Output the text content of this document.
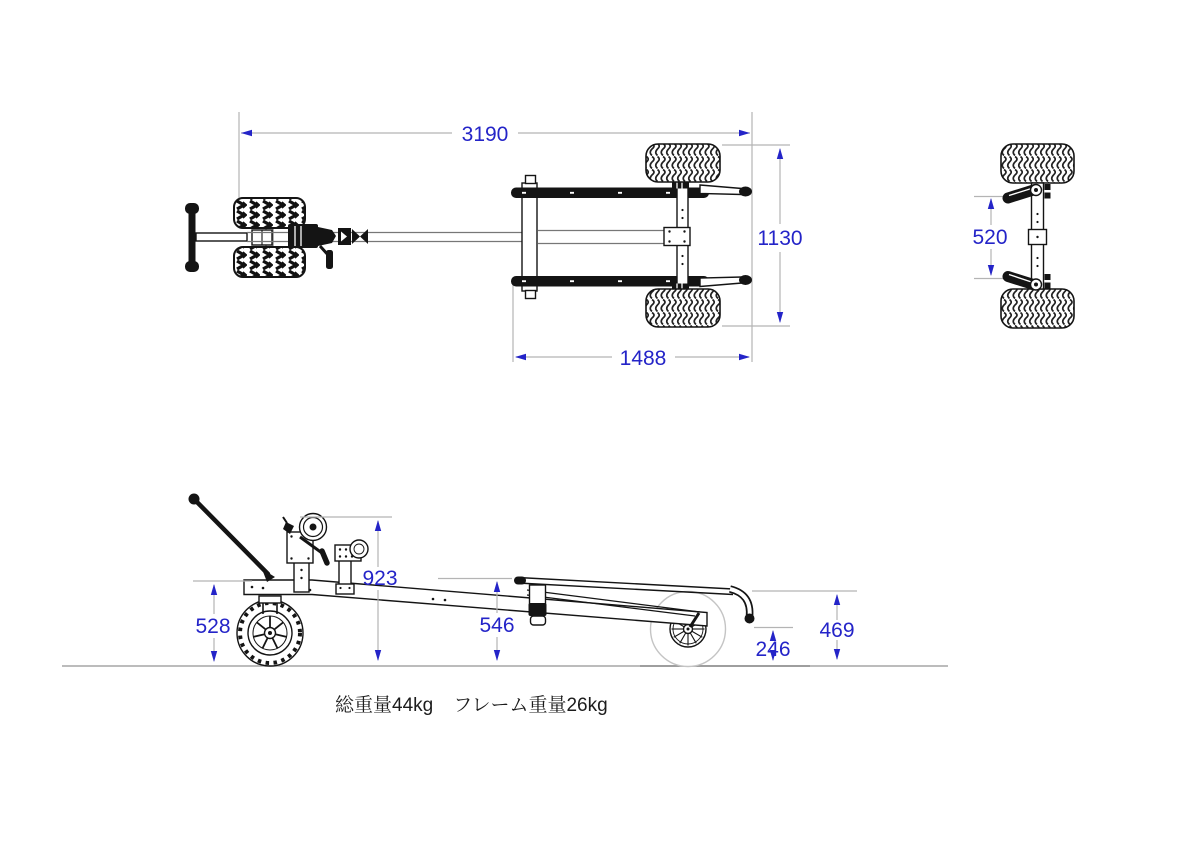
3190
1130
1488
520
528
923
546
246
469
総重量44kg フレーム重量26kg
